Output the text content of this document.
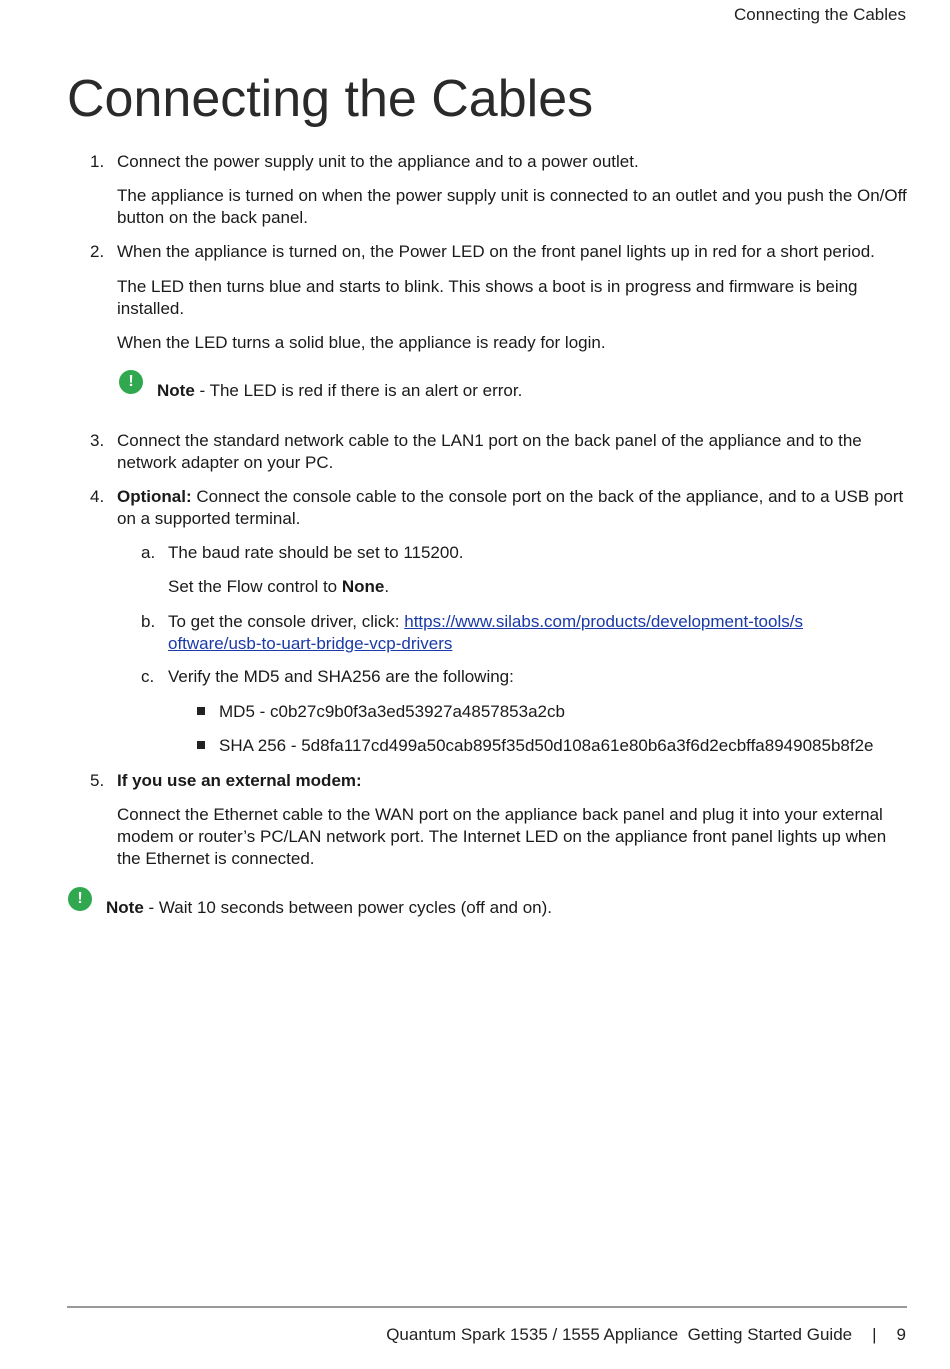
Connecting the Cables
Connecting the Cables
1. Connect the power supply unit to the appliance and to a power outlet.
The appliance is turned on when the power supply unit is connected to an outlet and you push the On/Off button on the back panel.
2. When the appliance is turned on, the Power LED on the front panel lights up in red for a short period.
The LED then turns blue and starts to blink. This shows a boot is in progress and firmware is being installed.
When the LED turns a solid blue, the appliance is ready for login.
!	Note - The LED is red if there is an alert or error.
3. Connect the standard network cable to the LAN1 port on the back panel of the appliance and to the network adapter on your PC.
4. Optional: Connect the console cable to the console port on the back of the appliance, and to a USB port on a supported terminal.
a. The baud rate should be set to 115200.
Set the Flow control to None.
b. To get the console driver, click: https://www.silabs.com/products/development-tools/software/usb-to-uart-bridge-vcp-drivers
c. Verify the MD5 and SHA256 are the following:
MD5 - c0b27c9b0f3a3ed53927a4857853a2cb
SHA 256 - 5d8fa117cd499a50cab895f35d50d108a61e80b6a3f6d2ecbffa8949085b8f2e
5. If you use an external modem:
Connect the Ethernet cable to the WAN port on the appliance back panel and plug it into your external modem or router’s PC/LAN network port. The Internet LED on the appliance front panel lights up when the Ethernet is connected.
!	Note - Wait 10 seconds between power cycles (off and on).
Quantum Spark 1535 / 1555 Appliance  Getting Started Guide | 9
